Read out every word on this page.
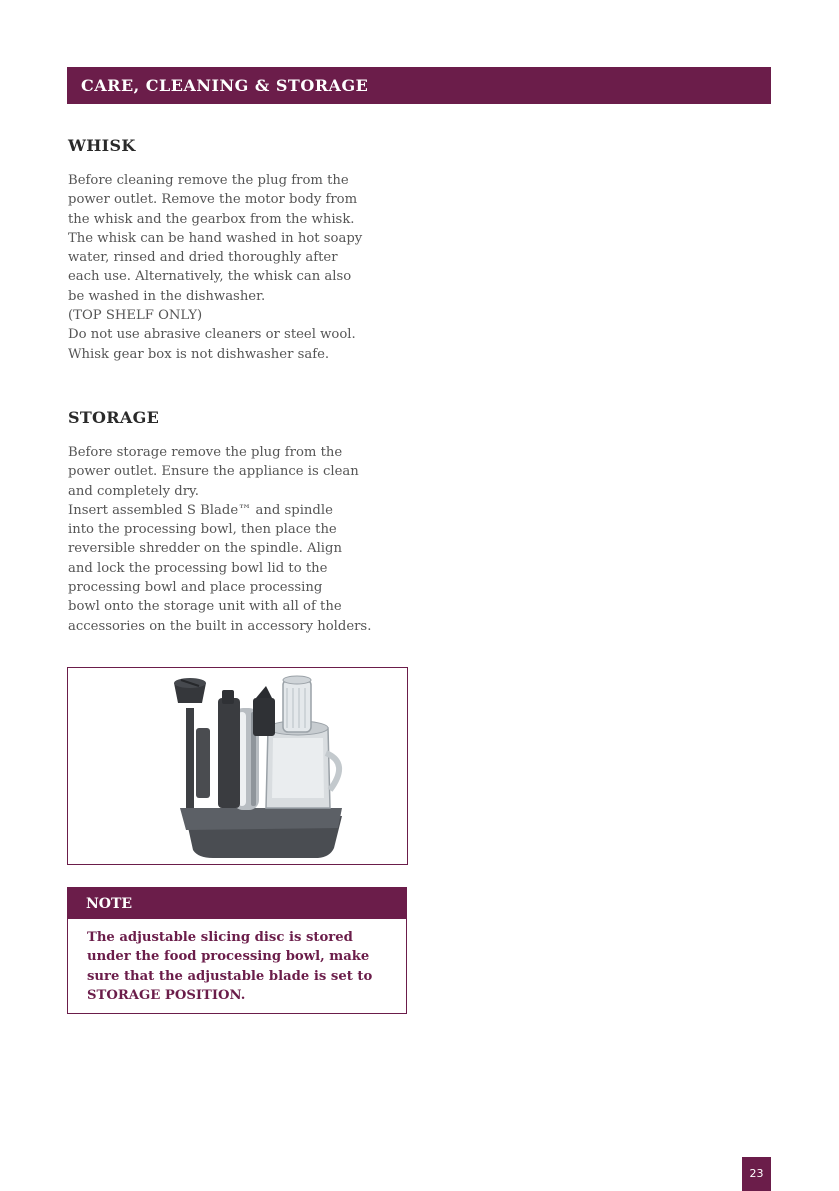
CARE, CLEANING & STORAGE
WHISK
Before cleaning remove the plug from the
power outlet. Remove the motor body from
the whisk and the gearbox from the whisk.
The whisk can be hand washed in hot soapy
water, rinsed and dried thoroughly after
each use. Alternatively, the whisk can also
be washed in the dishwasher.
(TOP SHELF ONLY)
Do not use abrasive cleaners or steel wool.
Whisk gear box is not dishwasher safe.
STORAGE
Before storage remove the plug from the
power outlet. Ensure the appliance is clean
and completely dry.
Insert assembled S Blade™ and spindle
into the processing bowl, then place the
reversible shredder on the spindle. Align
and lock the processing bowl lid to the
processing bowl and place processing
bowl onto the storage unit with all of the
accessories on the built in accessory holders.
NOTE
The adjustable slicing disc is stored
under the food processing bowl, make
sure that the adjustable blade is set to
STORAGE POSITION.
23
